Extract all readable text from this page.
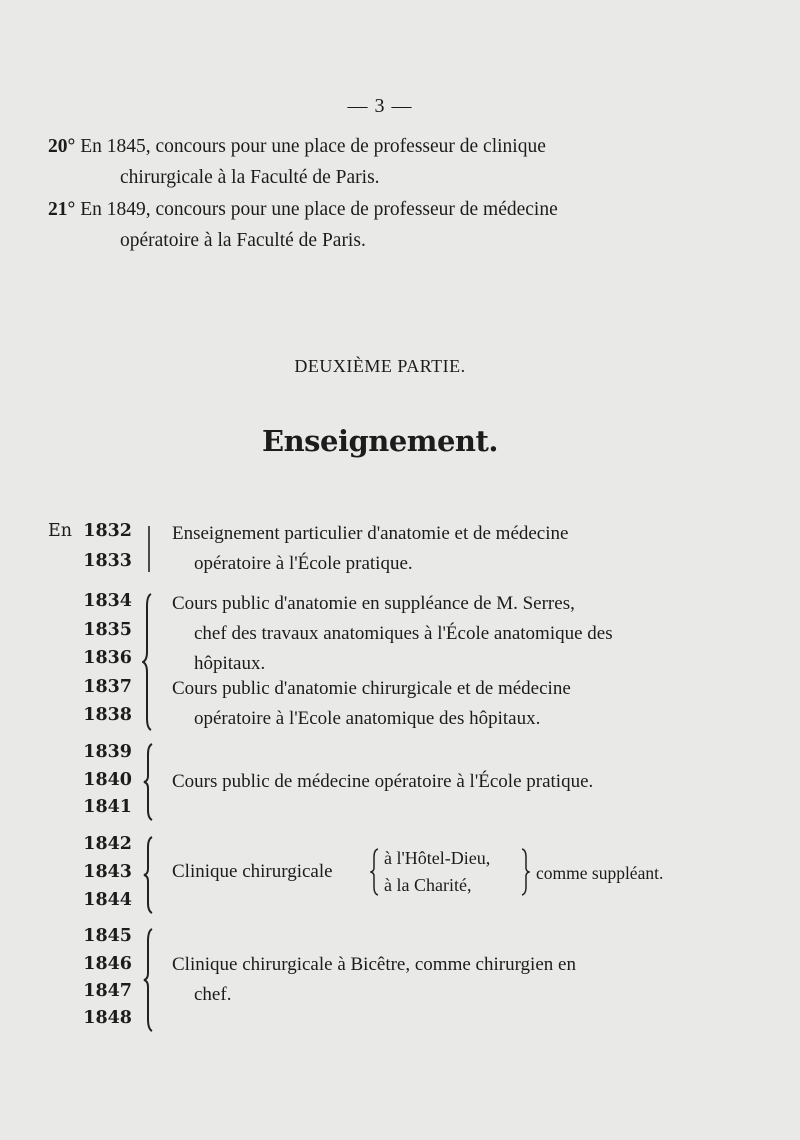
— 3 —
20° En 1845, concours pour une place de professeur de clinique
chirurgicale à la Faculté de Paris.
21° En 1849, concours pour une place de professeur de médecine
opératoire à la Faculté de Paris.
DEUXIÈME PARTIE.
Enseignement.
En 1832
1833
1834
1835
1836
1837
1838
1839
1840
1841
1842
1843
1844
1845
1846
1847
1848
Enseignement particulier d'anatomie et de médecine
opératoire à l'École pratique.
Cours public d'anatomie en suppléance de M. Serres,
chef des travaux anatomiques à l'École anatomique des
hôpitaux.
Cours public d'anatomie chirurgicale et de médecine
opératoire à l'Ecole anatomique des hôpitaux.
Cours public de médecine opératoire à l'École pratique.
Clinique chirurgicale
à l'Hôtel-Dieu,
à la Charité,
comme suppléant.
Clinique chirurgicale à Bicêtre, comme chirurgien en
chef.
